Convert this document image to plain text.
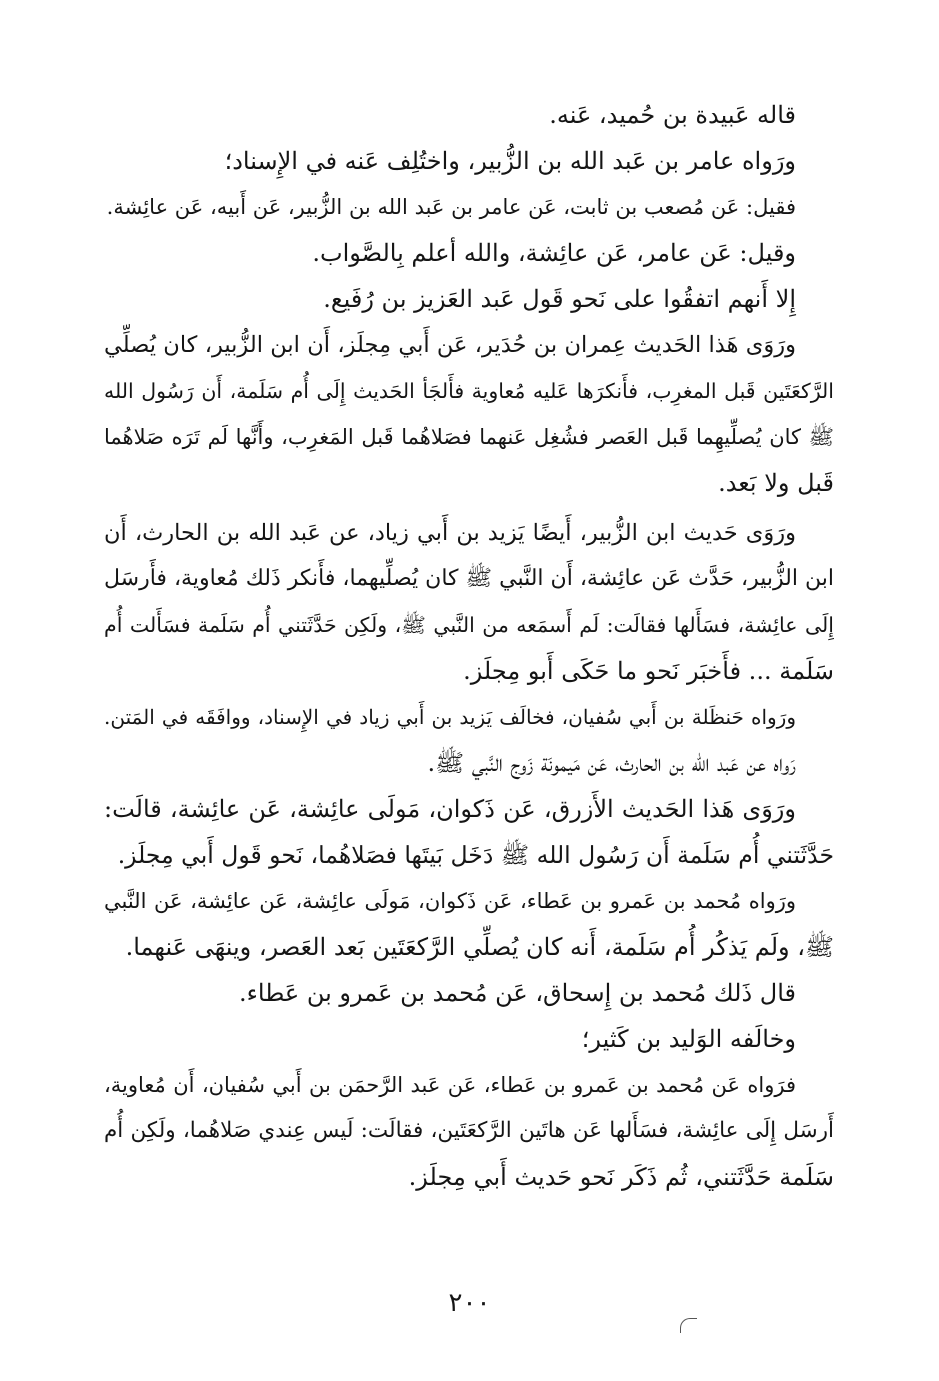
قاله عَبيدة بن حُميد، عَنه.
ورَواه عامر بن عَبد الله بن الزُّبير، واختُلِف عَنه في الإِسناد؛
فقيل: عَن مُصعب بن ثابت، عَن عامر بن عَبد الله بن الزُّبير، عَن أَبيه، عَن عائِشة.
وقيل: عَن عامر، عَن عائِشة، والله أعلم بِالصَّواب.
إِلا أَنهم اتفقُوا على نَحو قَول عَبد العَزيز بن رُفَيع.
ورَوَى هَذا الحَديث عِمران بن حُدَير، عَن أَبي مِجلَز، أَن ابن الزُّبير، كان يُصلِّي
الرَّكعَتَين قَبل المغرِب، فأَنكرَها عَليه مُعاوية فأَلجَأ الحَديث إِلَى أُم سَلَمة، أَن رَسُول الله
ﷺ كان يُصلِّيهِما قَبل العَصر فشُغِل عَنهما فصَلاهُما قَبل المَغرِب، وأَنَّها لَم تَرَه صَلاهُما
قَبل ولا بَعد.
ورَوَى حَديث ابن الزُّبير، أَيضًا يَزيد بن أَبي زياد، عن عَبد الله بن الحارث، أَن
ابن الزُّبير، حَدَّث عَن عائِشة، أَن النَّبي ﷺ كان يُصلِّيهما، فأَنكر ذَلك مُعاوية، فأَرسَل
إِلَى عائِشة، فسَأَلها فقالَت: لَم أَسمَعه من النَّبي ﷺ، ولَكِن حَدَّثَتني أُم سَلَمة فسَأَلت أُم
سَلَمة ... فأَخبَر نَحو ما حَكَى أَبو مِجلَز.
ورَواه حَنظَلة بن أَبي سُفيان، فخالَف يَزيد بن أَبي زياد في الإِسناد، ووافَقَه في المَتن.
رَواه عن عَبد الله بن الحارث، عَن مَيمونَة زَوج النَّبي ﷺ.
ورَوَى هَذا الحَديث الأَزرق، عَن ذَكوان، مَولَى عائِشة، عَن عائِشة، قالَت:
حَدَّثَتني أُم سَلَمة أَن رَسُول الله ﷺ دَخَل بَيتَها فصَلاهُما، نَحو قَول أَبي مِجلَز.
ورَواه مُحمد بن عَمرو بن عَطاء، عَن ذَكوان، مَولَى عائِشة، عَن عائِشة، عَن النَّبي
ﷺ، ولَم يَذكُر أُم سَلَمة، أَنه كان يُصلِّي الرَّكعَتَين بَعد العَصر، وينهَى عَنهما.
قال ذَلك مُحمد بن إِسحاق، عَن مُحمد بن عَمرو بن عَطاء.
وخالَفه الوَليد بن كَثير؛
فرَواه عَن مُحمد بن عَمرو بن عَطاء، عَن عَبد الرَّحمَن بن أَبي سُفيان، أَن مُعاوية،
أَرسَل إِلَى عائِشة، فسَأَلها عَن هاتَين الرَّكعَتَين، فقالَت: لَيس عِندي صَلاهُما، ولَكِن أُم
سَلَمة حَدَّثَتني، ثُم ذَكَر نَحو حَديث أَبي مِجلَز.
٢٠٠
